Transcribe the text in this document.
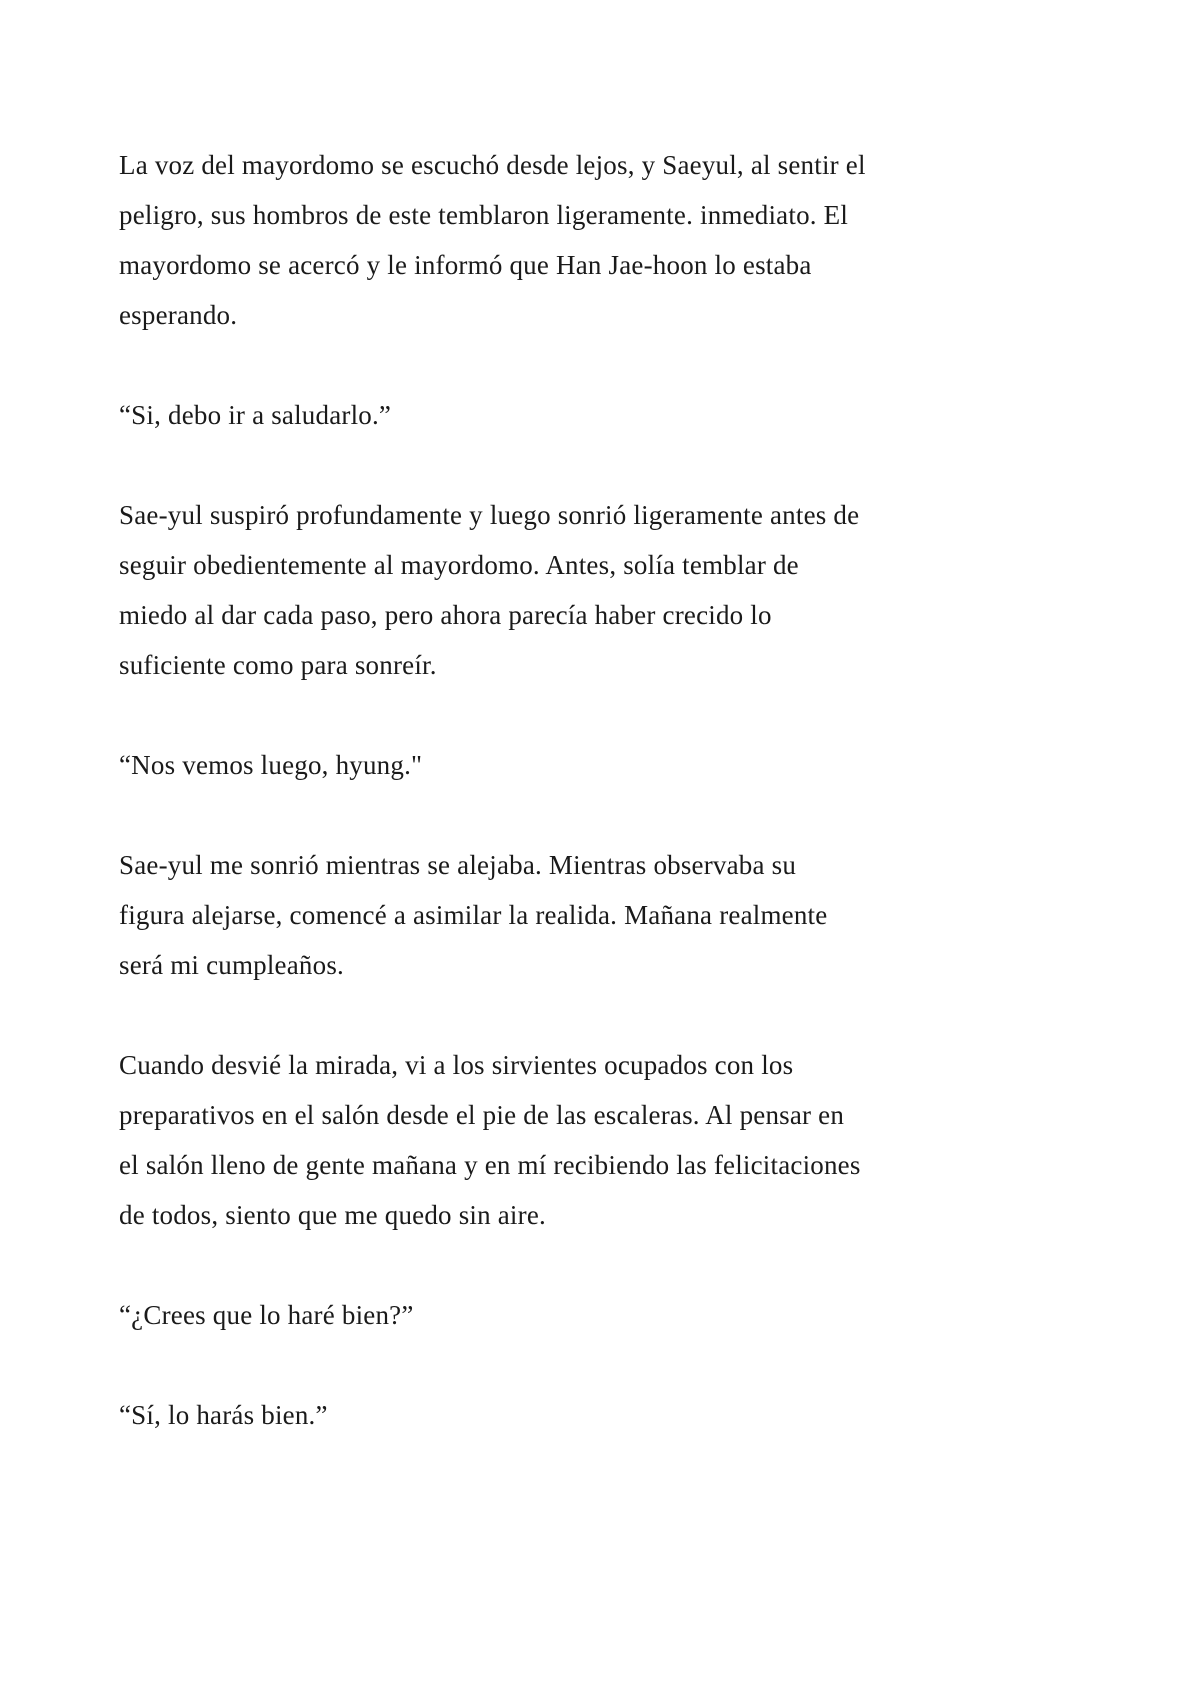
La voz del mayordomo se escuchó desde lejos, y Saeyul, al sentir el
peligro, sus hombros de este temblaron ligeramente. inmediato. El
mayordomo se acercó y le informó que Han Jae-hoon lo estaba
esperando.

“Si, debo ir a saludarlo.”

Sae-yul suspiró profundamente y luego sonrió ligeramente antes de
seguir obedientemente al mayordomo. Antes, solía temblar de
miedo al dar cada paso, pero ahora parecía haber crecido lo
suficiente como para sonreír.

“Nos vemos luego, hyung."

Sae-yul me sonrió mientras se alejaba. Mientras observaba su
figura alejarse, comencé a asimilar la realida. Mañana realmente
será mi cumpleaños.

Cuando desvié la mirada, vi a los sirvientes ocupados con los
preparativos en el salón desde el pie de las escaleras. Al pensar en
el salón lleno de gente mañana y en mí recibiendo las felicitaciones
de todos, siento que me quedo sin aire.

“¿Crees que lo haré bien?”

“Sí, lo harás bien.”
